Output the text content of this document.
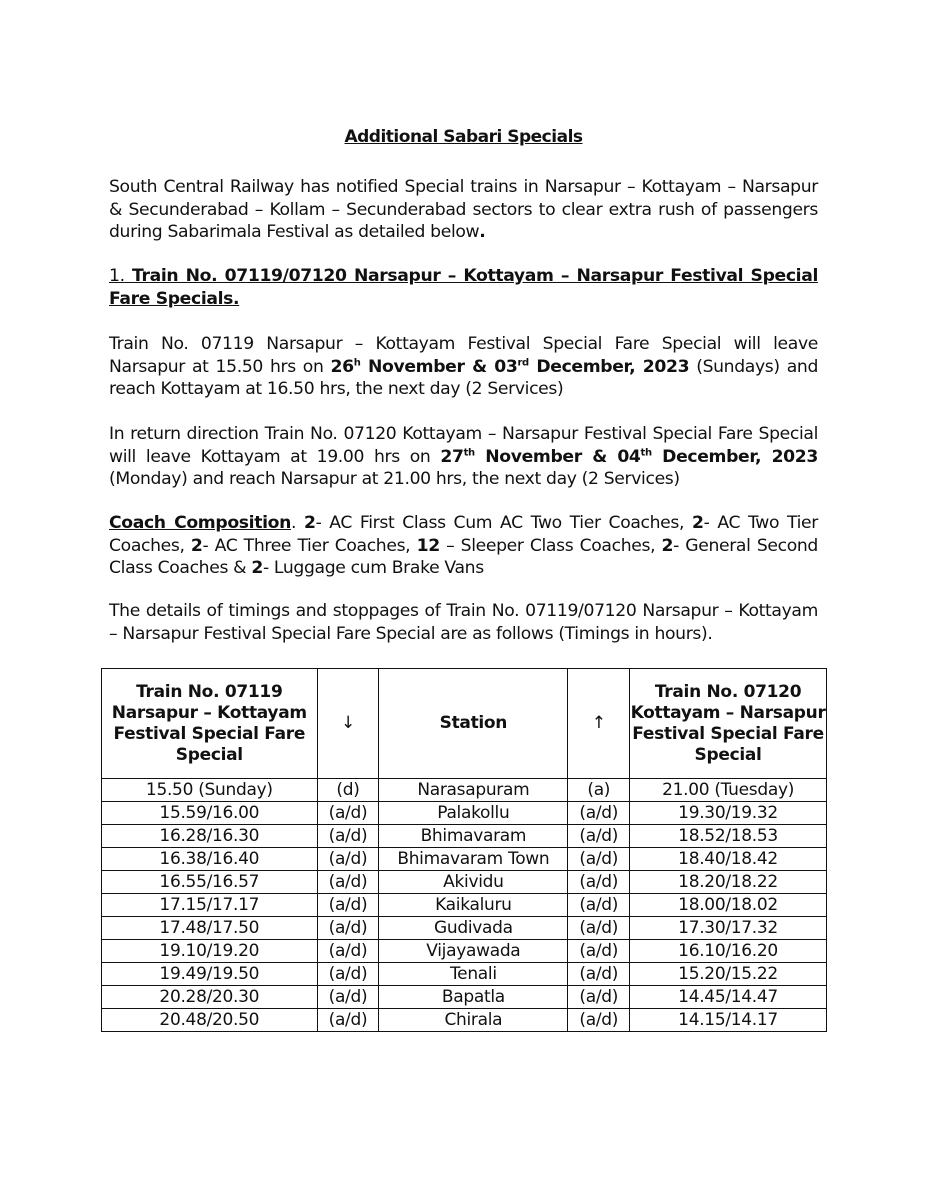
Additional Sabari Specials
South Central Railway has notified Special trains in Narsapur – Kottayam – Narsapur & Secunderabad – Kollam – Secunderabad sectors to clear extra rush of passengers during Sabarimala Festival as detailed below.
1. Train No. 07119/07120 Narsapur – Kottayam – Narsapur Festival Special Fare Specials.
Train No. 07119 Narsapur – Kottayam Festival Special Fare Special will leave Narsapur at 15.50 hrs on 26$^h$ November & 03rd December, 2023 (Sundays) and reach Kottayam at 16.50 hrs, the next day (2 Services)
In return direction Train No. 07120 Kottayam – Narsapur Festival Special Fare Special will leave Kottayam at 19.00 hrs on 27th November & 04th December, 2023 (Monday) and reach Narsapur at 21.00 hrs, the next day (2 Services)
Coach Composition. 2- AC First Class Cum AC Two Tier Coaches, 2- AC Two Tier Coaches, 2- AC Three Tier Coaches, 12 – Sleeper Class Coaches, 2- General Second Class Coaches & 2- Luggage cum Brake Vans
The details of timings and stoppages of Train No. 07119/07120 Narsapur – Kottayam – Narsapur Festival Special Fare Special are as follows (Timings in hours).
Train No. 07119 Narsapur – Kottayam Festival Special Fare Special	↓	Station	↑	Train No. 07120 Kottayam – Narsapur Festival Special Fare Special
15.50 (Sunday)	(d)	Narasapuram	(a)	21.00 (Tuesday)
15.59/16.00	(a/d)	Palakollu	(a/d)	19.30/19.32
16.28/16.30	(a/d)	Bhimavaram	(a/d)	18.52/18.53
16.38/16.40	(a/d)	Bhimavaram Town	(a/d)	18.40/18.42
16.55/16.57	(a/d)	Akividu	(a/d)	18.20/18.22
17.15/17.17	(a/d)	Kaikaluru	(a/d)	18.00/18.02
17.48/17.50	(a/d)	Gudivada	(a/d)	17.30/17.32
19.10/19.20	(a/d)	Vijayawada	(a/d)	16.10/16.20
19.49/19.50	(a/d)	Tenali	(a/d)	15.20/15.22
20.28/20.30	(a/d)	Bapatla	(a/d)	14.45/14.47
20.48/20.50	(a/d)	Chirala	(a/d)	14.15/14.17
